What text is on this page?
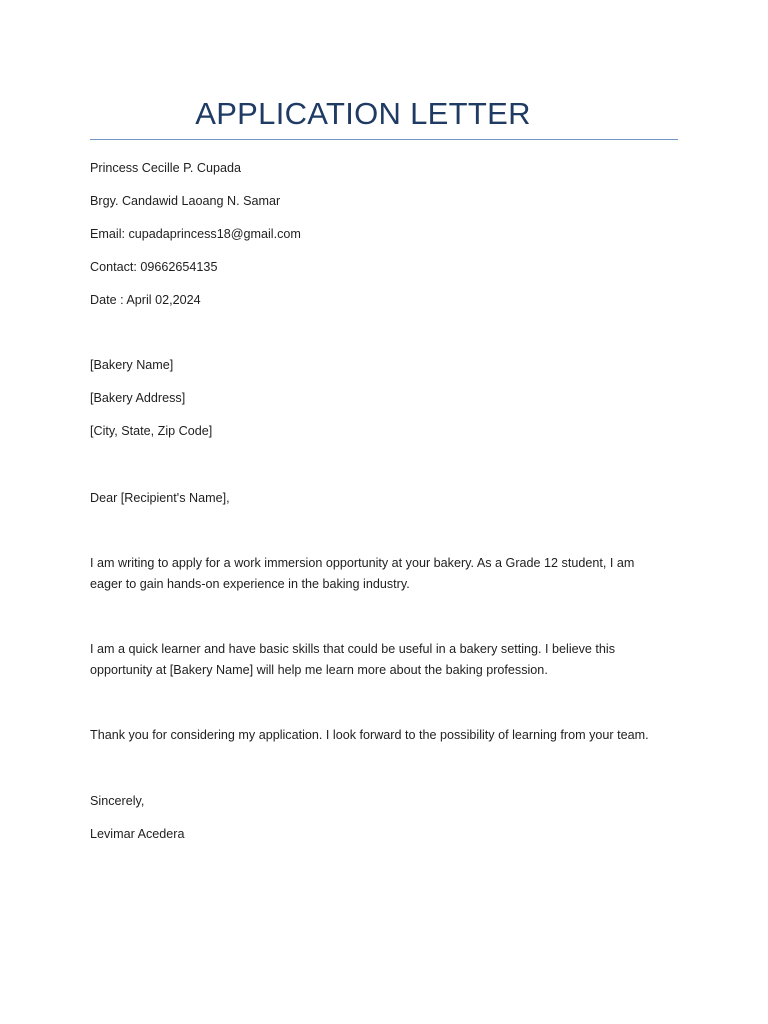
APPLICATION LETTER
Princess Cecille P. Cupada
Brgy. Candawid Laoang N. Samar
Email: cupadaprincess18@gmail.com
Contact: 09662654135
Date : April 02,2024
[Bakery Name]
[Bakery Address]
[City, State, Zip Code]
Dear [Recipient's Name],
I am writing to apply for a work immersion opportunity at your bakery. As a Grade 12 student, I am
eager to gain hands-on experience in the baking industry.
I am a quick learner and have basic skills that could be useful in a bakery setting. I believe this
opportunity at [Bakery Name] will help me learn more about the baking profession.
Thank you for considering my application. I look forward to the possibility of learning from your team.
Sincerely,
Levimar Acedera
